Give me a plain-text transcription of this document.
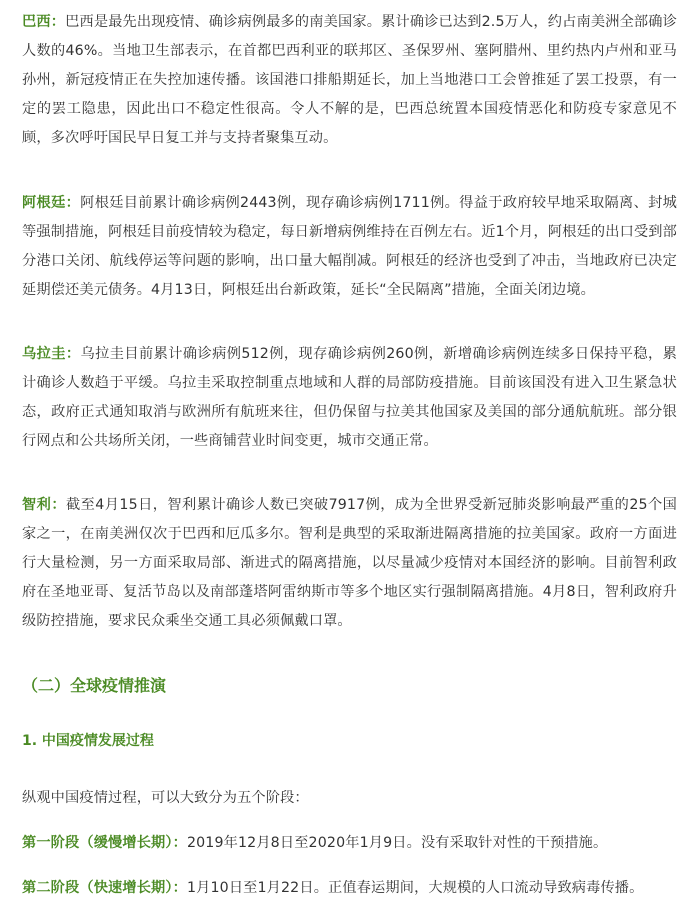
巴西：巴西是最先出现疫情、确诊病例最多的南美国家。累计确诊已达到2.5万人，约占南美洲全部确诊人数的46%。当地卫生部表示，在首都巴西利亚的联邦区、圣保罗州、塞阿腊州、里约热内卢州和亚马孙州，新冠疫情正在失控加速传播。该国港口排船期延长，加上当地港口工会曾推延了罢工投票，有一定的罢工隐患，因此出口不稳定性很高。令人不解的是，巴西总统置本国疫情恶化和防疫专家意见不顾，多次呼吁国民早日复工并与支持者聚集互动。

阿根廷：阿根廷目前累计确诊病例2443例，现存确诊病例1711例。得益于政府较早地采取隔离、封城等强制措施，阿根廷目前疫情较为稳定，每日新增病例维持在百例左右。近1个月，阿根廷的出口受到部分港口关闭、航线停运等问题的影响，出口量大幅削减。阿根廷的经济也受到了冲击，当地政府已决定延期偿还美元债务。4月13日，阿根廷出台新政策，延长“全民隔离”措施，全面关闭边境。

乌拉圭：乌拉圭目前累计确诊病例512例，现存确诊病例260例，新增确诊病例连续多日保持平稳，累计确诊人数趋于平缓。乌拉圭采取控制重点地域和人群的局部防疫措施。目前该国没有进入卫生紧急状态，政府正式通知取消与欧洲所有航班来往，但仍保留与拉美其他国家及美国的部分通航航班。部分银行网点和公共场所关闭，一些商铺营业时间变更，城市交通正常。

智利：截至4月15日，智利累计确诊人数已突破7917例，成为全世界受新冠肺炎影响最严重的25个国家之一，在南美洲仅次于巴西和厄瓜多尔。智利是典型的采取渐进隔离措施的拉美国家。政府一方面进行大量检测，另一方面采取局部、渐进式的隔离措施，以尽量减少疫情对本国经济的影响。目前智利政府在圣地亚哥、复活节岛以及南部蓬塔阿雷纳斯市等多个地区实行强制隔离措施。4月8日，智利政府升级防控措施，要求民众乘坐交通工具必须佩戴口罩。

（二）全球疫情推演
1. 中国疫情发展过程

纵观中国疫情过程，可以大致分为五个阶段：

第一阶段（缓慢增长期）：2019年12月8日至2020年1月9日。没有采取针对性的干预措施。

第二阶段（快速增长期）：1月10日至1月22日。正值春运期间，大规模的人口流动导致病毒传播。
